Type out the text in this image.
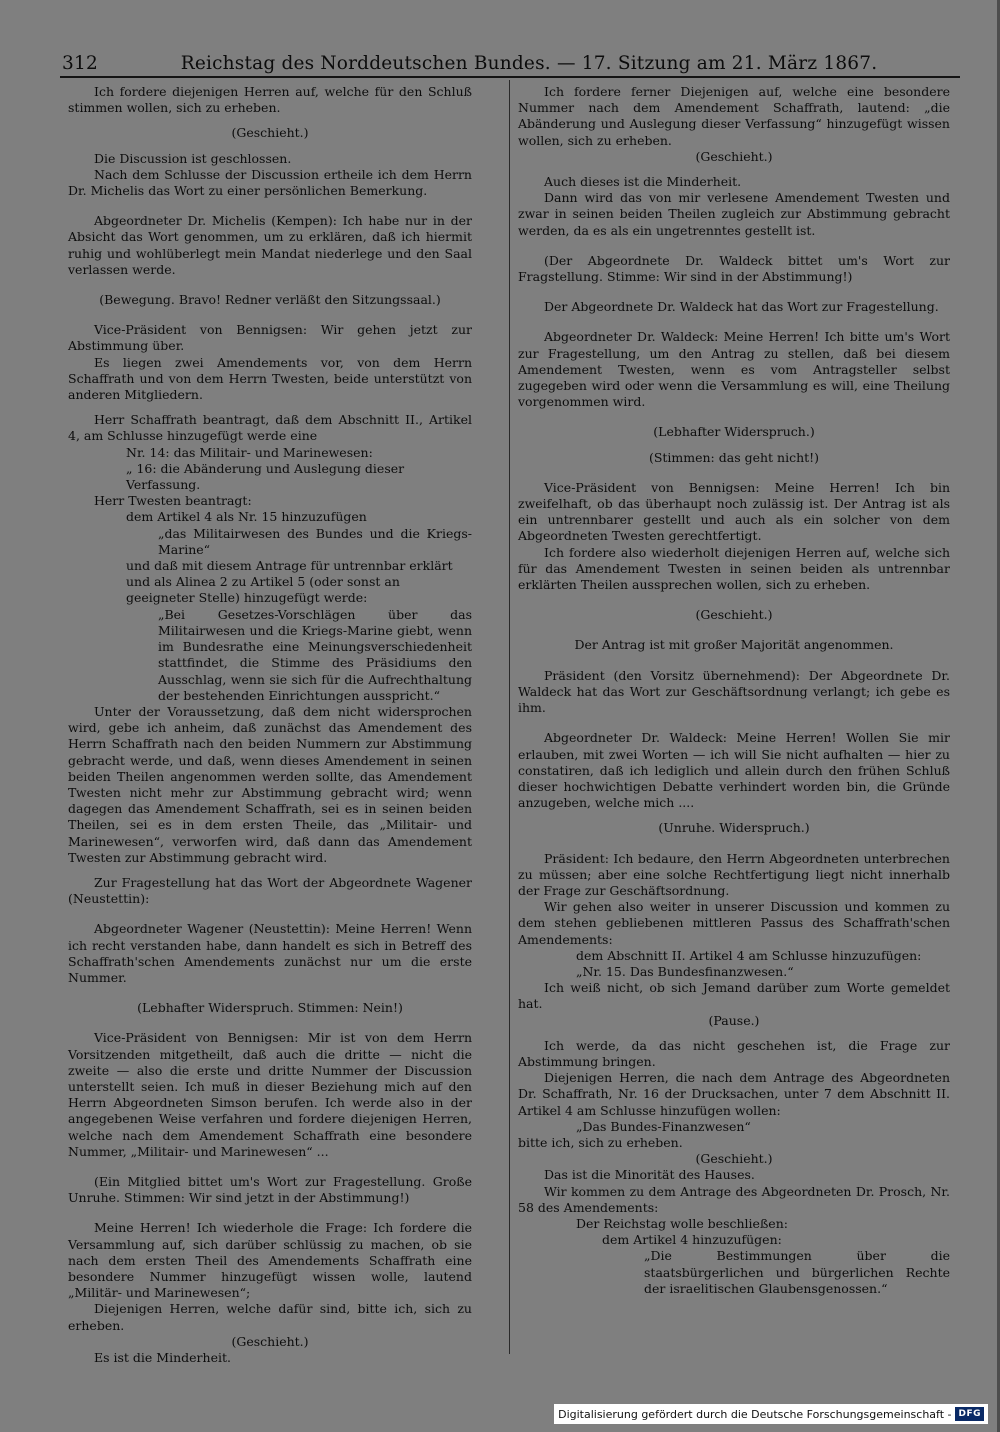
312	Reichstag des Norddeutschen Bundes. — 17. Sitzung am 21. März 1867.

Ich fordere diejenigen Herren auf, welche für den Schluß stimmen wollen, sich zu erheben.

(Geschieht.)

Die Discussion ist geschlossen.

Nach dem Schlusse der Discussion ertheile ich dem Herrn Dr. Michelis das Wort zu einer persönlichen Bemerkung.

Abgeordneter Dr. Michelis (Kempen): Ich habe nur in der Absicht das Wort genommen, um zu erklären, daß ich hiermit ruhig und wohlüberlegt mein Mandat niederlege und den Saal verlassen werde.

(Bewegung. Bravo! Redner verläßt den Sitzungssaal.)

Vice-Präsident von Bennigsen: Wir gehen jetzt zur Abstimmung über.

Es liegen zwei Amendements vor, von dem Herrn Schaffrath und von dem Herrn Twesten, beide unterstützt von anderen Mitgliedern.

Herr Schaffrath beantragt, daß dem Abschnitt II., Artikel 4, am Schlusse hinzugefügt werde eine

Nr. 14: das Militair- und Marinewesen:

„ 16: die Abänderung und Auslegung dieser Verfassung.

Herr Twesten beantragt:

dem Artikel 4 als Nr. 15 hinzuzufügen

„das Militairwesen des Bundes und die Kriegs-Marine“

und daß mit diesem Antrage für untrennbar erklärt und als Alinea 2 zu Artikel 5 (oder sonst an geeigneter Stelle) hinzugefügt werde:

„Bei Gesetzes-Vorschlägen über das Militairwesen und die Kriegs-Marine giebt, wenn im Bundesrathe eine Meinungsverschiedenheit stattfindet, die Stimme des Präsidiums den Ausschlag, wenn sie sich für die Aufrechthaltung der bestehenden Einrichtungen ausspricht.“

Unter der Voraussetzung, daß dem nicht widersprochen wird, gebe ich anheim, daß zunächst das Amendement des Herrn Schaffrath nach den beiden Nummern zur Abstimmung gebracht werde, und daß, wenn dieses Amendement in seinen beiden Theilen angenommen werden sollte, das Amendement Twesten nicht mehr zur Abstimmung gebracht wird; wenn dagegen das Amendement Schaffrath, sei es in seinen beiden Theilen, sei es in dem ersten Theile, das „Militair- und Marinewesen“, verworfen wird, daß dann das Amendement Twesten zur Abstimmung gebracht wird.

Zur Fragestellung hat das Wort der Abgeordnete Wagener (Neustettin):

Abgeordneter Wagener (Neustettin): Meine Herren! Wenn ich recht verstanden habe, dann handelt es sich in Betreff des Schaffrath'schen Amendements zunächst nur um die erste Nummer.

(Lebhafter Widerspruch. Stimmen: Nein!)

Vice-Präsident von Bennigsen: Mir ist von dem Herrn Vorsitzenden mitgetheilt, daß auch die dritte — nicht die zweite — also die erste und dritte Nummer der Discussion unterstellt seien. Ich muß in dieser Beziehung mich auf den Herrn Abgeordneten Simson berufen. Ich werde also in der angegebenen Weise verfahren und fordere diejenigen Herren, welche nach dem Amendement Schaffrath eine besondere Nummer, „Militair- und Marinewesen“ ...

(Ein Mitglied bittet um's Wort zur Fragestellung. Große Unruhe. Stimmen: Wir sind jetzt in der Abstimmung!)

Meine Herren! Ich wiederhole die Frage: Ich fordere die Versammlung auf, sich darüber schlüssig zu machen, ob sie nach dem ersten Theil des Amendements Schaffrath eine besondere Nummer hinzugefügt wissen wolle, lautend „Militär- und Marinewesen“;

Diejenigen Herren, welche dafür sind, bitte ich, sich zu erheben.

(Geschieht.)

Es ist die Minderheit.

Ich fordere ferner Diejenigen auf, welche eine besondere Nummer nach dem Amendement Schaffrath, lautend: „die Abänderung und Auslegung dieser Verfassung“ hinzugefügt wissen wollen, sich zu erheben.

(Geschieht.)

Auch dieses ist die Minderheit.

Dann wird das von mir verlesene Amendement Twesten und zwar in seinen beiden Theilen zugleich zur Abstimmung gebracht werden, da es als ein ungetrenntes gestellt ist.

(Der Abgeordnete Dr. Waldeck bittet um's Wort zur Fragstellung. Stimme: Wir sind in der Abstimmung!)

Der Abgeordnete Dr. Waldeck hat das Wort zur Fragestellung.

Abgeordneter Dr. Waldeck: Meine Herren! Ich bitte um's Wort zur Fragestellung, um den Antrag zu stellen, daß bei diesem Amendement Twesten, wenn es vom Antragsteller selbst zugegeben wird oder wenn die Versammlung es will, eine Theilung vorgenommen wird.

(Lebhafter Widerspruch.)

(Stimmen: das geht nicht!)

Vice-Präsident von Bennigsen: Meine Herren! Ich bin zweifelhaft, ob das überhaupt noch zulässig ist. Der Antrag ist als ein untrennbarer gestellt und auch als ein solcher von dem Abgeordneten Twesten gerechtfertigt.

Ich fordere also wiederholt diejenigen Herren auf, welche sich für das Amendement Twesten in seinen beiden als untrennbar erklärten Theilen aussprechen wollen, sich zu erheben.

(Geschieht.)

Der Antrag ist mit großer Majorität angenommen.

Präsident (den Vorsitz übernehmend): Der Abgeordnete Dr. Waldeck hat das Wort zur Geschäftsordnung verlangt; ich gebe es ihm.

Abgeordneter Dr. Waldeck: Meine Herren! Wollen Sie mir erlauben, mit zwei Worten — ich will Sie nicht aufhalten — hier zu constatiren, daß ich lediglich und allein durch den frühen Schluß dieser hochwichtigen Debatte verhindert worden bin, die Gründe anzugeben, welche mich ....

(Unruhe. Widerspruch.)

Präsident: Ich bedaure, den Herrn Abgeordneten unterbrechen zu müssen; aber eine solche Rechtfertigung liegt nicht innerhalb der Frage zur Geschäftsordnung.

Wir gehen also weiter in unserer Discussion und kommen zu dem stehen gebliebenen mittleren Passus des Schaffrath'schen Amendements:

dem Abschnitt II. Artikel 4 am Schlusse hinzuzufügen:

„Nr. 15. Das Bundesfinanzwesen.“

Ich weiß nicht, ob sich Jemand darüber zum Worte gemeldet hat.

(Pause.)

Ich werde, da das nicht geschehen ist, die Frage zur Abstimmung bringen.

Diejenigen Herren, die nach dem Antrage des Abgeordneten Dr. Schaffrath, Nr. 16 der Drucksachen, unter 7 dem Abschnitt II. Artikel 4 am Schlusse hinzufügen wollen:

„Das Bundes-Finanzwesen“

bitte ich, sich zu erheben.

(Geschieht.)

Das ist die Minorität des Hauses.

Wir kommen zu dem Antrage des Abgeordneten Dr. Prosch, Nr. 58 des Amendements:

Der Reichstag wolle beschließen:

dem Artikel 4 hinzuzufügen:

„Die Bestimmungen über die staatsbürgerlichen und bürgerlichen Rechte der israelitischen Glaubensgenossen.“

Digitalisierung gefördert durch die Deutsche Forschungsgemeinschaft - DFG
